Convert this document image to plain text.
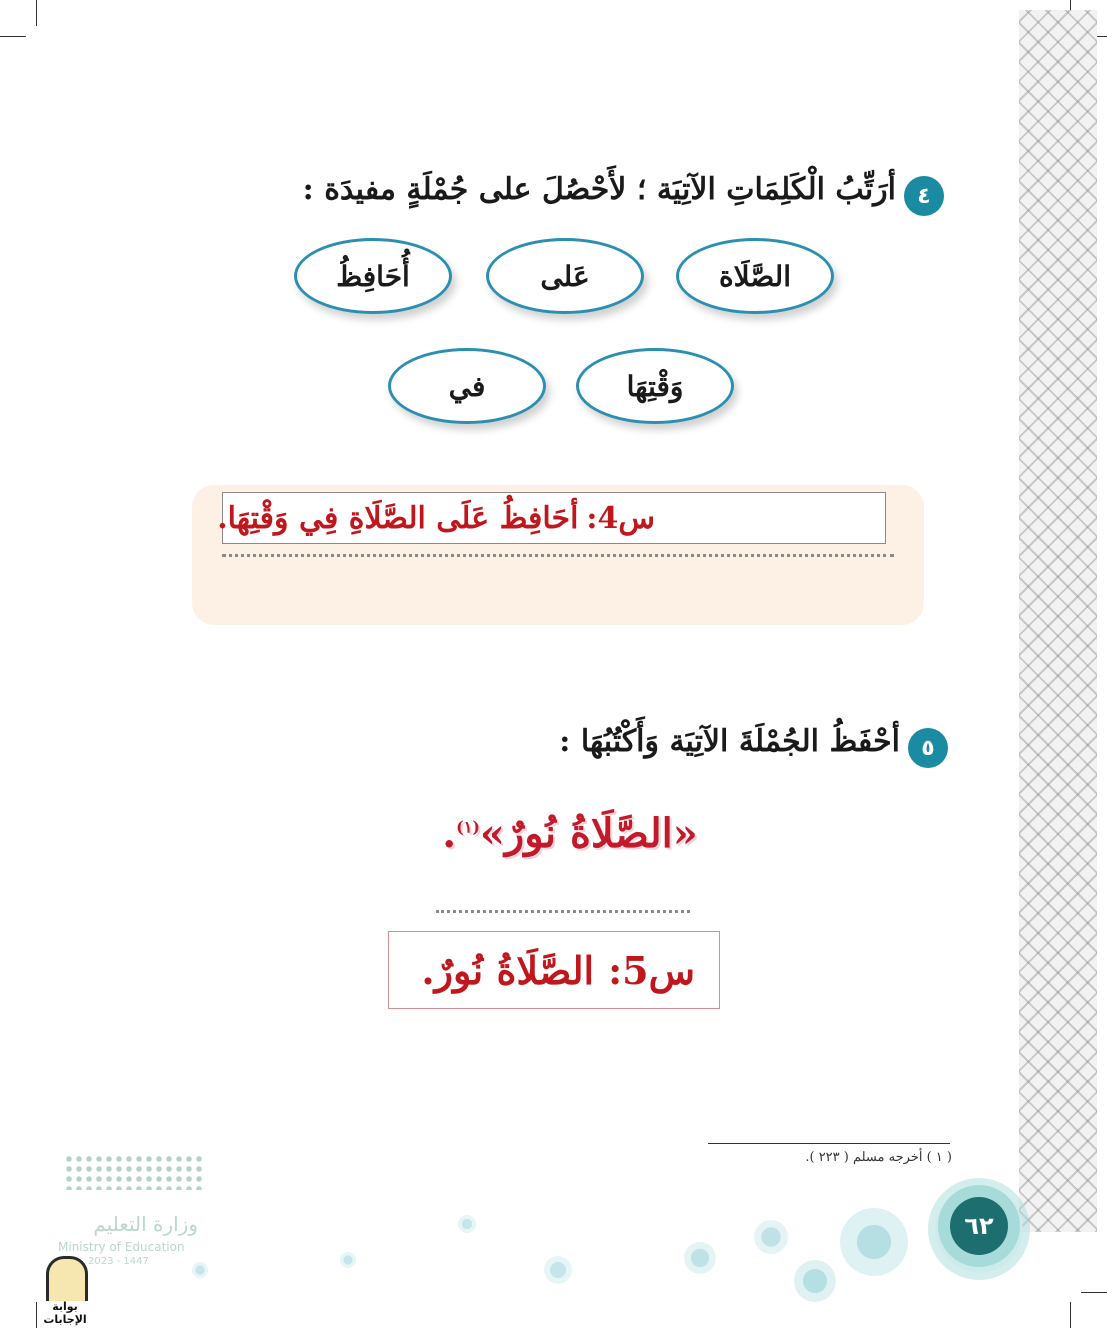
٤
أرَتِّبُ الْكَلِمَاتِ الآتِيَة ؛ لأَحْصُلَ على جُمْلَةٍ مفيدَة :
الصَّلَاة
عَلى
أُحَافِظُ
وَقْتِهَا
في
س4:
أحَافِظُ عَلَى الصَّلَاةِ فِي وَقْتِهَا.
٥
أحْفَظُ الجُمْلَةَ الآتِيَة وَأَكْتُبُهَا :
«الصَّلَاةُ نُورٌ»$^{(١)}$.
س5:
الصَّلَاةُ نُورٌ.
( ١ ) أخرجه مسلم ( ٢٢٣ ).
٦٢
وزارة التعليم
Ministry of Education
2023 - 1447
بوابة الإجابات
